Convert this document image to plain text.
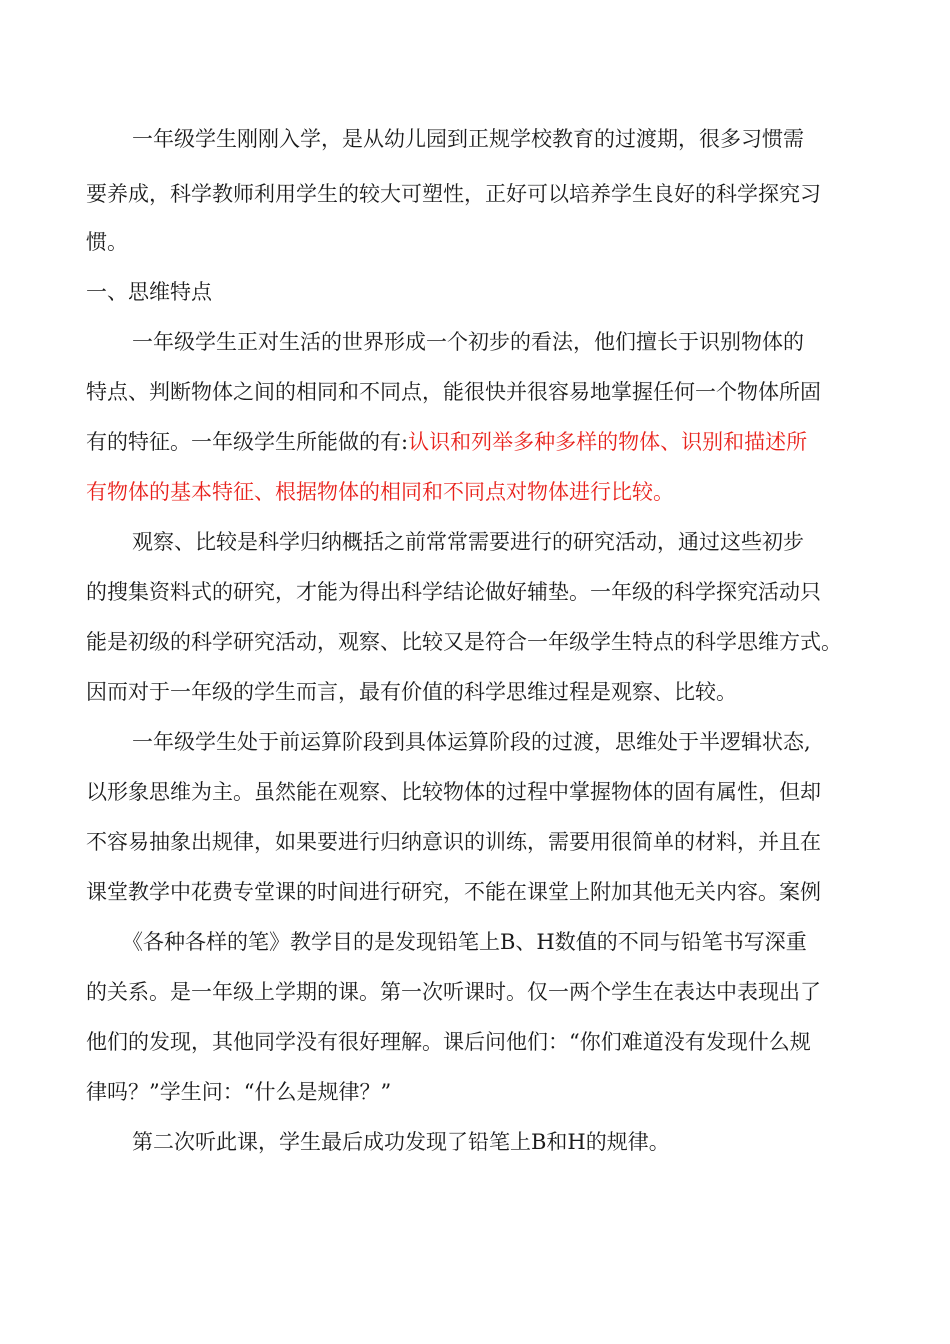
一年级学生刚刚入学，是从幼儿园到正规学校教育的过渡期，很多习惯需
要养成，科学教师利用学生的较大可塑性，正好可以培养学生良好的科学探究习
惯。
一、思维特点
一年级学生正对生活的世界形成一个初步的看法，他们擅长于识别物体的
特点、判断物体之间的相同和不同点，能很快并很容易地掌握任何一个物体所固
有的特征。一年级学生所能做的有:认识和列举多种多样的物体、识别和描述所
有物体的基本特征、根据物体的相同和不同点对物体进行比较。
观察、比较是科学归纳概括之前常常需要进行的研究活动，通过这些初步
的搜集资料式的研究，才能为得出科学结论做好辅垫。一年级的科学探究活动只
能是初级的科学研究活动，观察、比较又是符合一年级学生特点的科学思维方式。
因而对于一年级的学生而言，最有价值的科学思维过程是观察、比较。
一年级学生处于前运算阶段到具体运算阶段的过渡，思维处于半逻辑状态,
以形象思维为主。虽然能在观察、比较物体的过程中掌握物体的固有属性，但却
不容易抽象出规律，如果要进行归纳意识的训练，需要用很简单的材料，并且在
课堂教学中花费专堂课的时间进行研究，不能在课堂上附加其他无关内容。案例
《各种各样的笔》教学目的是发现铅笔上B、H数值的不同与铅笔书写深重
的关系。是一年级上学期的课。第一次听课时。仅一两个学生在表达中表现出了
他们的发现，其他同学没有很好理解。课后问他们：“你们难道没有发现什么规
律吗？”学生问：“什么是规律？”
第二次听此课，学生最后成功发现了铅笔上B和H的规律。
